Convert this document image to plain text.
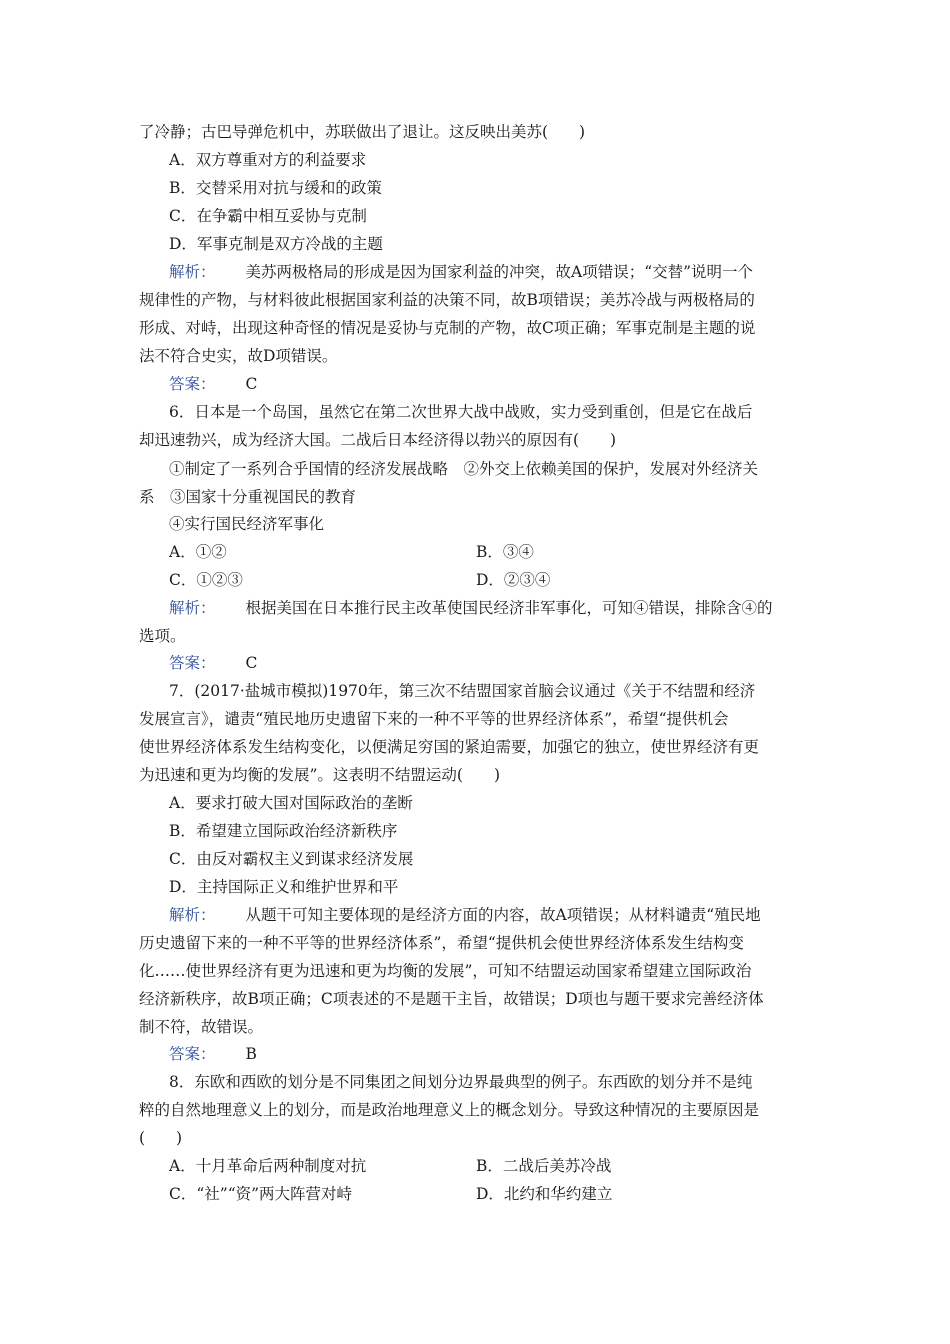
了冷静；古巴导弹危机中，苏联做出了退让。这反映出美苏(　　)
A．双方尊重对方的利益要求
B．交替采用对抗与缓和的政策
C．在争霸中相互妥协与克制
D．军事克制是双方冷战的主题
解析： 美苏两极格局的形成是因为国家利益的冲突，故A项错误；“交替”说明一个
规律性的产物，与材料彼此根据国家利益的决策不同，故B项错误；美苏冷战与两极格局的
形成、对峙，出现这种奇怪的情况是妥协与克制的产物，故C项正确；军事克制是主题的说
法不符合史实，故D项错误。
答案： C
6．日本是一个岛国，虽然它在第二次世界大战中战败，实力受到重创，但是它在战后
却迅速勃兴，成为经济大国。二战后日本经济得以勃兴的原因有(　　)
①制定了一系列合乎国情的经济发展战略　②外交上依赖美国的保护，发展对外经济关
系　③国家十分重视国民的教育
④实行国民经济军事化
A．①②	B．③④
C．①②③	D．②③④
解析： 根据美国在日本推行民主改革使国民经济非军事化，可知④错误，排除含④的
选项。
答案： C
7．(2017·盐城市模拟)1970年，第三次不结盟国家首脑会议通过《关于不结盟和经济
发展宣言》，谴责“殖民地历史遗留下来的一种不平等的世界经济体系”，希望“提供机会
使世界经济体系发生结构变化，以便满足穷国的紧迫需要，加强它的独立，使世界经济有更
为迅速和更为均衡的发展”。这表明不结盟运动(　　)
A．要求打破大国对国际政治的垄断
B．希望建立国际政治经济新秩序
C．由反对霸权主义到谋求经济发展
D．主持国际正义和维护世界和平
解析： 从题干可知主要体现的是经济方面的内容，故A项错误；从材料谴责“殖民地
历史遗留下来的一种不平等的世界经济体系”，希望“提供机会使世界经济体系发生结构变
化……使世界经济有更为迅速和更为均衡的发展”，可知不结盟运动国家希望建立国际政治
经济新秩序，故B项正确；C项表述的不是题干主旨，故错误；D项也与题干要求完善经济体
制不符，故错误。
答案： B
8．东欧和西欧的划分是不同集团之间划分边界最典型的例子。东西欧的划分并不是纯
粹的自然地理意义上的划分，而是政治地理意义上的概念划分。导致这种情况的主要原因是
(　　)
A．十月革命后两种制度对抗	B．二战后美苏冷战
C．“社”“资”两大阵营对峙	D．北约和华约建立
